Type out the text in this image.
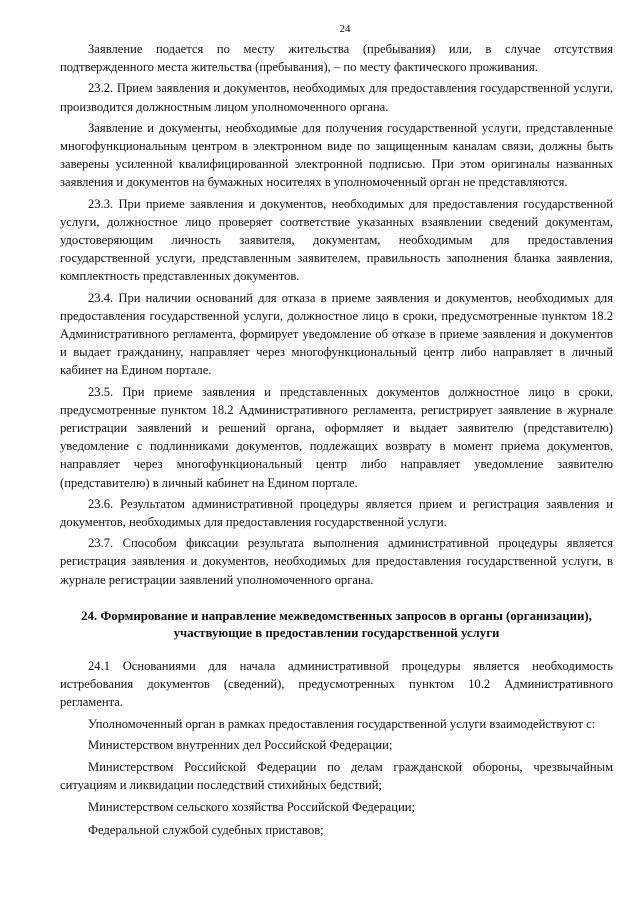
24

Заявление подается по месту жительства (пребывания) или, в случае отсутствия подтвержденного места жительства (пребывания), – по месту фактического проживания.

23.2. Прием заявления и документов, необходимых для предоставления государственной услуги, производится должностным лицом уполномоченного органа.

Заявление и документы, необходимые для получения государственной услуги, представленные многофункциональным центром в электронном виде по защищенным каналам связи, должны быть заверены усиленной квалифицированной электронной подписью. При этом оригиналы названных заявления и документов на бумажных носителях в уполномоченный орган не представляются.

23.3. При приеме заявления и документов, необходимых для предоставления государственной услуги, должностное лицо проверяет соответствие указанных взаявлении сведений документам, удостоверяющим личность заявителя, документам, необходимым для предоставления государственной услуги, представленным заявителем, правильность заполнения бланка заявления, комплектность представленных документов.

23.4. При наличии оснований для отказа в приеме заявления и документов, необходимых для предоставления государственной услуги, должностное лицо в сроки, предусмотренные пунктом 18.2 Административного регламента, формирует уведомление об отказе в приеме заявления и документов и выдает гражданину, направляет через многофункциональный центр либо направляет в личный кабинет на Едином портале.

23.5. При приеме заявления и представленных документов должностное лицо в сроки, предусмотренные пунктом 18.2 Административного регламента, регистрирует заявление в журнале регистрации заявлений и решений органа, оформляет и выдает заявителю (представителю) уведомление с подлинниками документов, подлежащих возврату в момент приема документов, направляет через многофункциональный центр либо направляет уведомление заявителю (представителю) в личный кабинет на Едином портале.

23.6. Результатом административной процедуры является прием и регистрация заявления и документов, необходимых для предоставления государственной услуги.

23.7. Способом фиксации результата выполнения административной процедуры является регистрация заявления и документов, необходимых для предоставления государственной услуги, в журнале регистрации заявлений уполномоченного органа.

24. Формирование и направление межведомственных запросов в органы (организации), участвующие в предоставлении государственной услуги

24.1 Основаниями для начала административной процедуры является необходимость истребования документов (сведений), предусмотренных пунктом 10.2 Административного регламента.

Уполномоченный орган в рамках предоставления государственной услуги взаимодействуют с:

Министерством внутренних дел Российской Федерации;

Министерством Российской Федерации по делам гражданской обороны, чрезвычайным ситуациям и ликвидации последствий стихийных бедствий;

Министерством сельского хозяйства Российской Федерации;

Федеральной службой судебных приставов;
